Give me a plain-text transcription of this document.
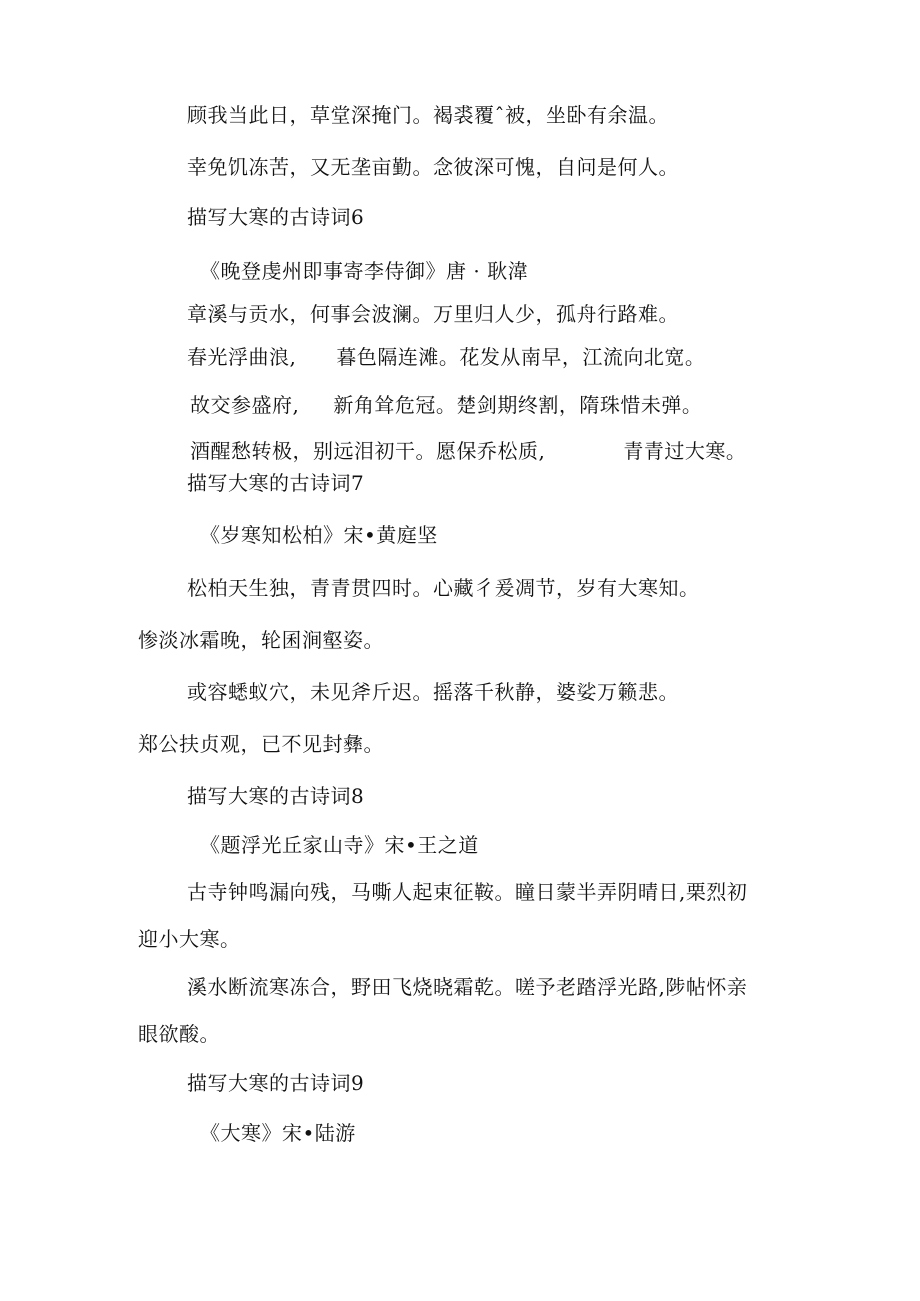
顾我当此日，草堂深掩门。褐裘覆ˆ被，坐卧有余温。
幸免饥冻苦，又无垄亩勤。念彼深可愧，自问是何人。
描写大寒的古诗词6
《晚登虔州即事寄李侍御》唐 · 耿湋
章溪与贡水，何事会波澜。万里归人少，孤舟行路难。
春光浮曲浪, 暮色隔连滩。花发从南早，江流向北宽。
故交参盛府, 新角耸危冠。楚剑期终割，隋珠惜未弹。
酒醒愁转极，别远泪初干。愿保乔松质,	青青过大寒。
描写大寒的古诗词7
《岁寒知松柏》宋•黄庭坚
松柏天生独，青青贯四时。心藏彳爰凋节，岁有大寒知。
惨淡冰霜晚，轮囷涧壑姿。
或容蟋蚁穴，未见斧斤迟。摇落千秋静，婆娑万籁悲。
郑公扶贞观，已不见封彝。
描写大寒的古诗词8
《题浮光丘家山寺》宋•王之道
古寺钟鸣漏向残，马嘶人起束征鞍。瞳日蒙半弄阴晴日,栗烈初
迎小大寒。
溪水断流寒冻合，野田飞烧晓霜乾。嗟予老踏浮光路,陟帖怀亲
眼欲酸。
描写大寒的古诗词9
《大寒》宋•陆游
